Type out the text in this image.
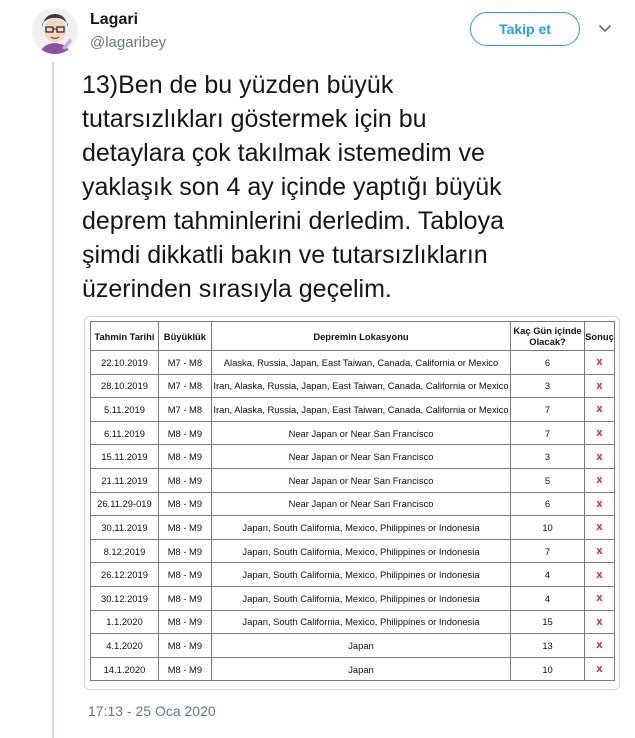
Lagari
@lagaribey
Takip et
13)Ben de bu yüzden büyük
tutarsızlıkları göstermek için bu
detaylara çok takılmak istemedim ve
yaklaşık son 4 ay içinde yaptığı büyük
deprem tahminlerini derledim. Tabloya
şimdi dikkatli bakın ve tutarsızlıkların
üzerinden sırasıyla geçelim.
Tahmin Tarihi	Büyüklük	Depremin Lokasyonu	Kaç Gün içinde Olacak?	Sonuç
22.10.2019	M7 - M8	Alaska, Russia, Japan, East Taiwan, Canada, California or Mexico	6	x
28.10.2019	M7 - M8	Iran, Alaska, Russia, Japan, East Taiwan, Canada, California or Mexico	3	x
5.11.2019	M7 - M8	Iran, Alaska, Russia, Japan, East Taiwan, Canada, California or Mexico	7	x
6.11.2019	M8 - M9	Near Japan or Near San Francisco	7	x
15.11.2019	M8 - M9	Near Japan or Near San Francisco	3	x
21.11.2019	M8 - M9	Near Japan or Near San Francisco	5	x
26.11.29-019	M8 - M9	Near Japan or Near San Francisco	6	x
30.11.2019	M8 - M9	Japan, South California, Mexico, Philippines or Indonesia	10	x
8.12.2019	M8 - M9	Japan, South California, Mexico, Philippines or Indonesia	7	x
26.12.2019	M8 - M9	Japan, South California, Mexico, Philippines or Indonesia	4	x
30.12.2019	M8 - M9	Japan, South California, Mexico, Philippines or Indonesia	4	x
1.1.2020	M8 - M9	Japan, South California, Mexico, Philippines or Indonesia	15	x
4.1.2020	M8 - M9	Japan	13	x
14.1.2020	M8 - M9	Japan	10	x
17:13 - 25 Oca 2020
